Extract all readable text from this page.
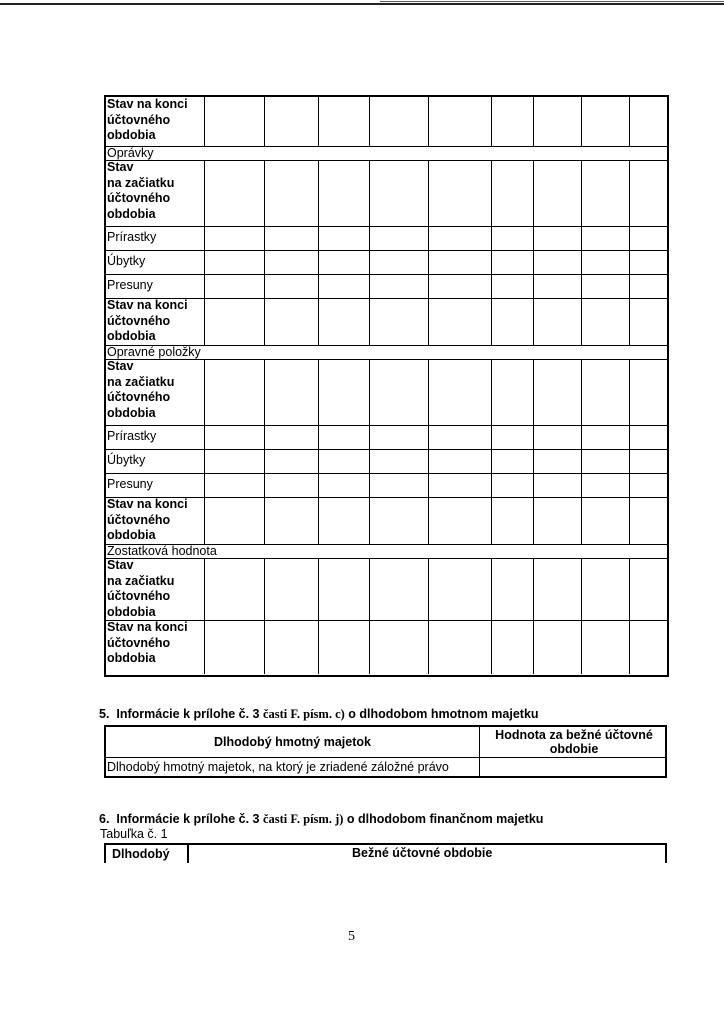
Stav na konci
účtovného
obdobia
Oprávky
Stav
na začiatku
účtovného
obdobia
Prírastky
Úbytky
Presuny
Stav na konci
účtovného
obdobia
Opravné položky
Stav
na začiatku
účtovného
obdobia
Prírastky
Úbytky
Presuny
Stav na konci
účtovného
obdobia
Zostatková hodnota
Stav
na začiatku
účtovného
obdobia
Stav na konci
účtovného
obdobia
5. Informácie k prílohe č. 3 časti F. písm. c) o dlhodobom hmotnom majetku
Dlhodobý hmotný majetok	Hodnota za bežné účtovné obdobie
Dlhodobý hmotný majetok, na ktorý je zriadené záložné právo
6. Informácie k prílohe č. 3 časti F. písm. j) o dlhodobom finančnom majetku
Tabuľka č. 1
Dlhodobý	Bežné účtovné obdobie
5
